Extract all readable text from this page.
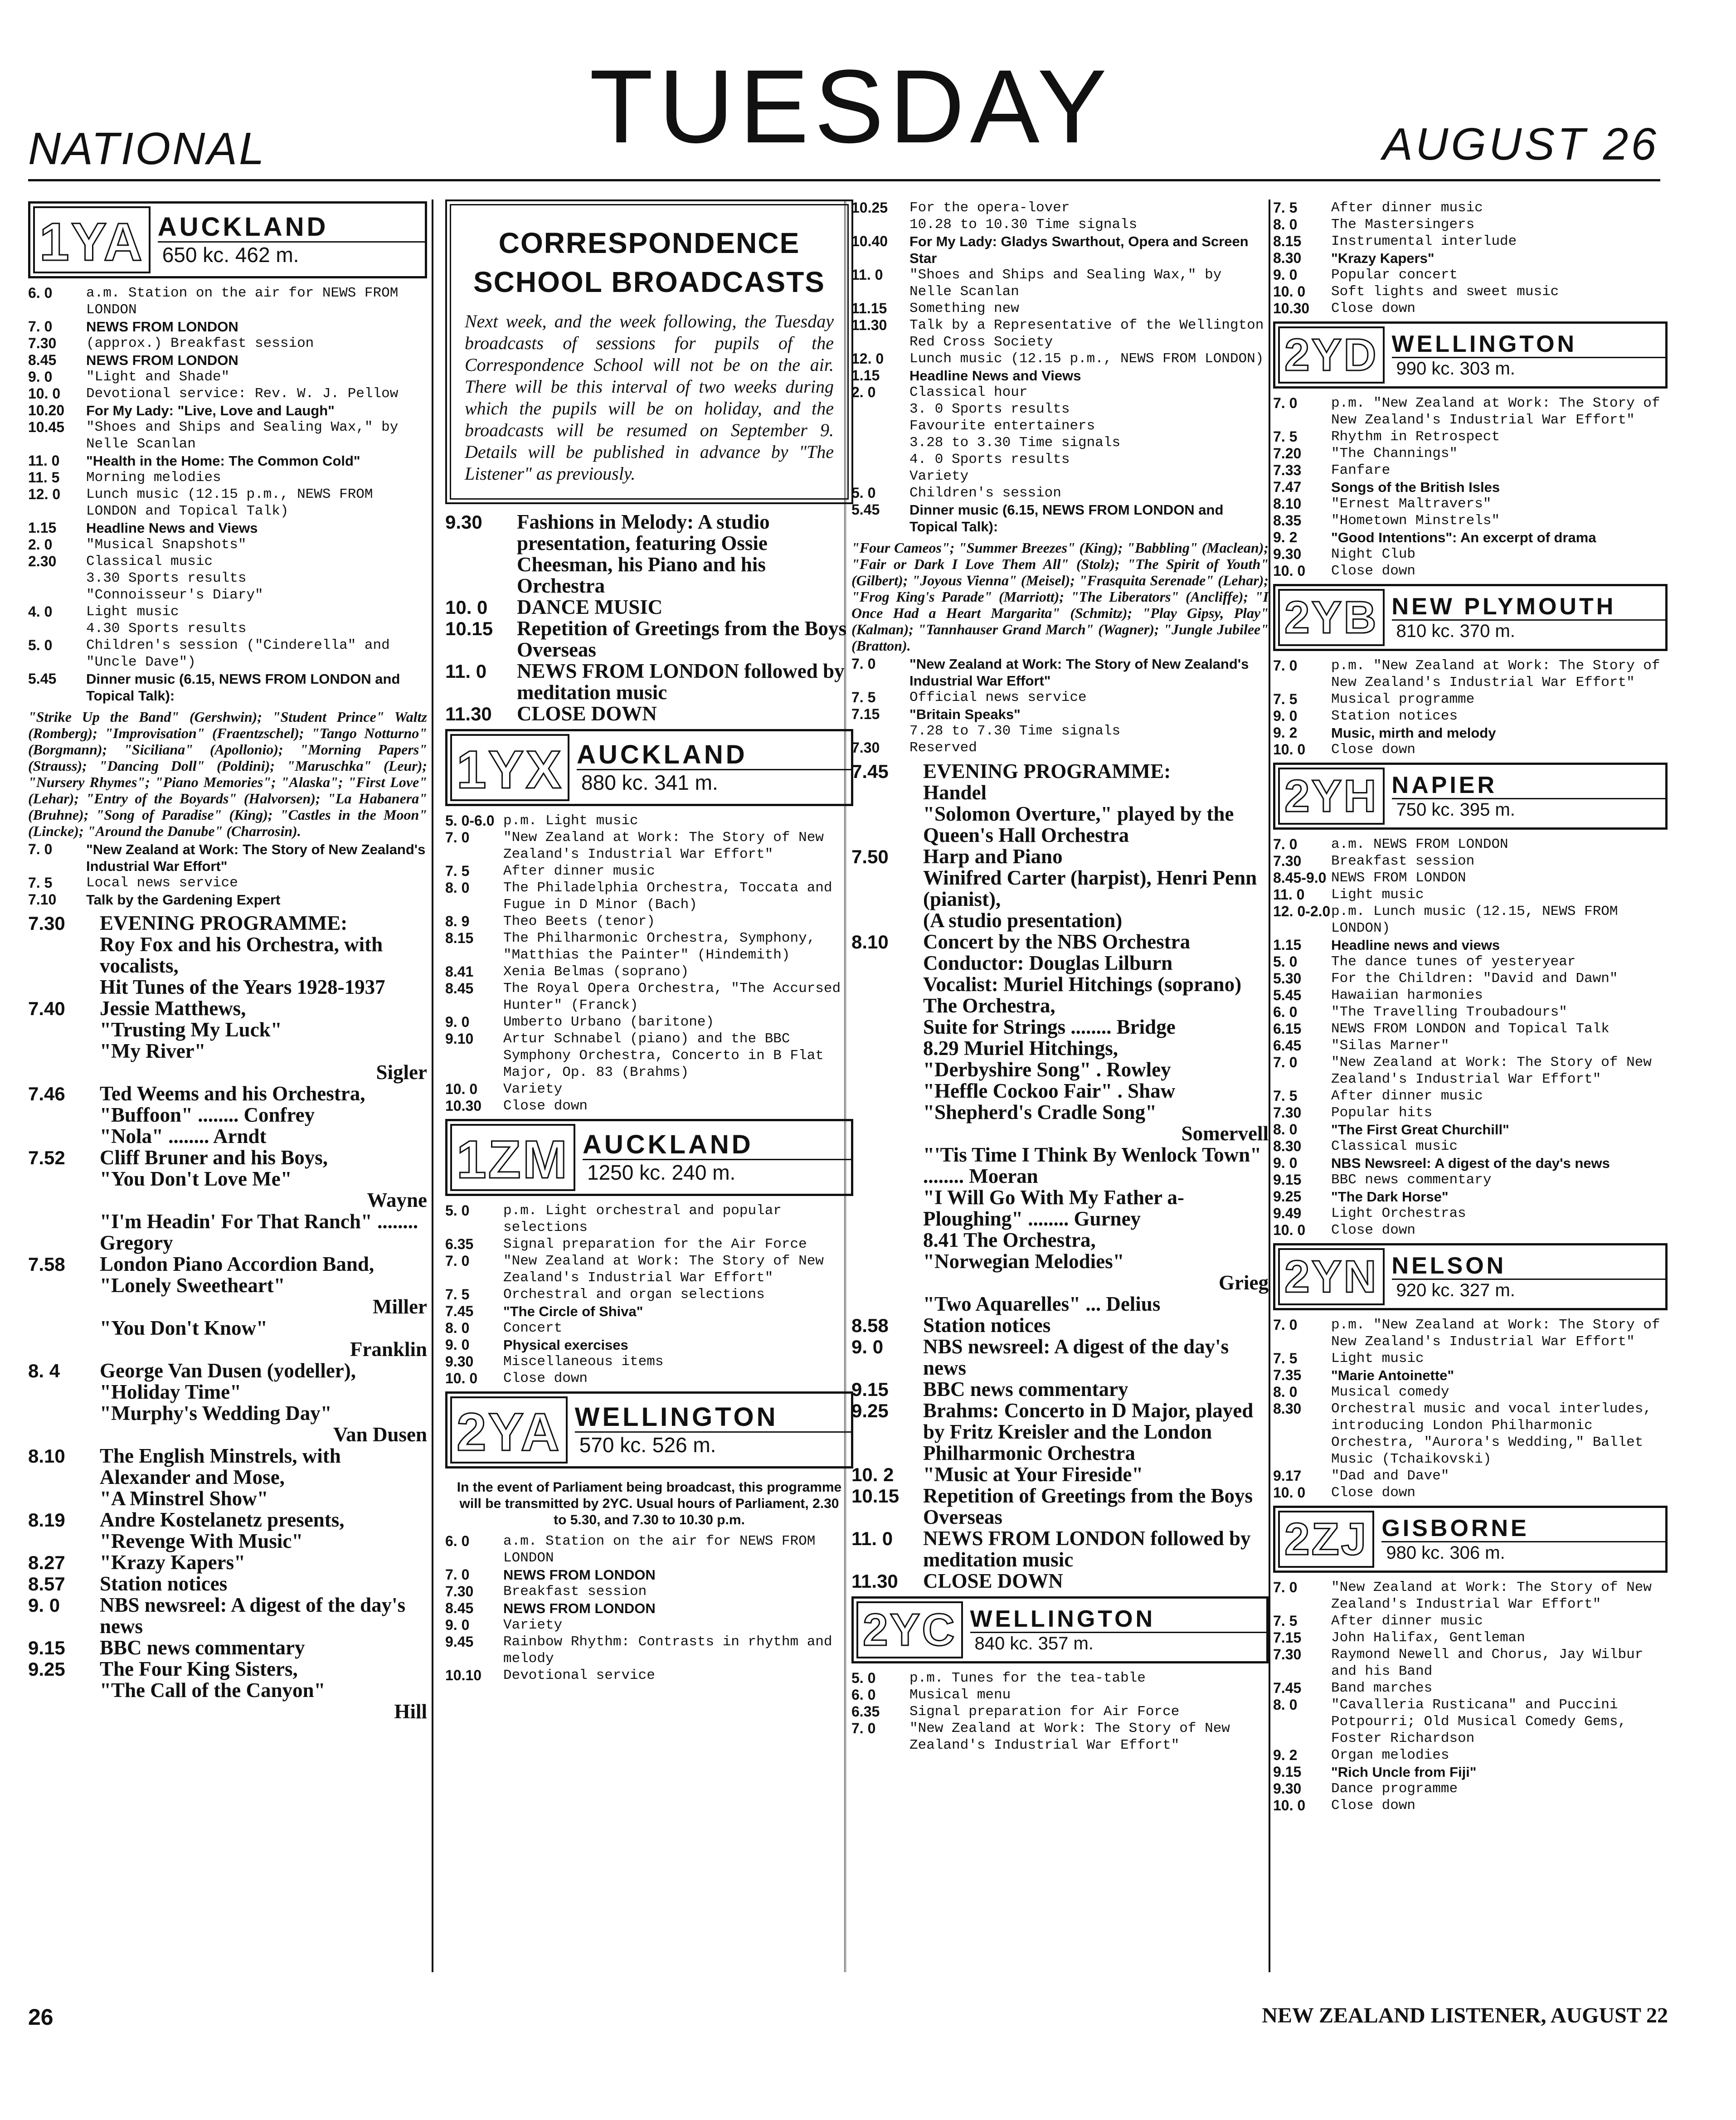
TUESDAY
NATIONAL	AUGUST 26
1YA AUCKLAND
650 kc. 462 m.
6. 0	a.m. Station on the air for NEWS FROM LONDON
7. 0	NEWS FROM LONDON
7.30	(approx.) Breakfast session
8.45	NEWS FROM LONDON
9. 0	"Light and Shade"
10. 0	Devotional service: Rev. W. J. Pellow
10.20	For My Lady: "Live, Love and Laugh"
10.45	"Shoes and Ships and Sealing Wax," by Nelle Scanlan
11. 0	"Health in the Home: The Common Cold"
11. 5	Morning melodies
12. 0	Lunch music (12.15 p.m., NEWS FROM LONDON and Topical Talk)
1.15	Headline News and Views
2. 0	"Musical Snapshots"
2.30	Classical music
3.30 Sports results
"Connoisseur's Diary"
4. 0	Light music
4.30 Sports results
5. 0	Children's session ("Cinderella" and "Uncle Dave")
5.45	Dinner music (6.15, NEWS FROM LONDON and Topical Talk):
"Strike Up the Band" (Gershwin); "Student Prince" Waltz (Romberg); "Improvisation" (Fraentzschel); "Tango Notturno" (Borgmann); "Siciliana" (Apollonio); "Morning Papers" (Strauss); "Dancing Doll" (Poldini); "Maruschka" (Leur); "Nursery Rhymes"; "Piano Memories"; "Alaska"; "First Love" (Lehar); "Entry of the Boyards" (Halvorsen); "La Habanera" (Bruhne); "Song of Paradise" (King); "Castles in the Moon" (Lincke); "Around the Danube" (Charrosin).
7. 0	"New Zealand at Work: The Story of New Zealand's Industrial War Effort"
7. 5	Local news service
7.10	Talk by the Gardening Expert
7.30	EVENING PROGRAMME:
Roy Fox and his Orchestra, with vocalists,
Hit Tunes of the Years 1928-1937
7.40	Jessie Matthews,
"Trusting My Luck"
"My River"
Sigler
7.46	Ted Weems and his Orchestra,
"Buffoon" ........ Confrey
"Nola" ........ Arndt
7.52	Cliff Bruner and his Boys,
"You Don't Love Me"
Wayne
"I'm Headin' For That Ranch" ........ Gregory
7.58	London Piano Accordion Band,
"Lonely Sweetheart"
Miller
"You Don't Know"
Franklin
8. 4	George Van Dusen (yodeller),
"Holiday Time"
"Murphy's Wedding Day"
Van Dusen
8.10	The English Minstrels, with Alexander and Mose,
"A Minstrel Show"
8.19	Andre Kostelanetz presents,
"Revenge With Music"
8.27	"Krazy Kapers"
8.57	Station notices
9. 0	NBS newsreel: A digest of the day's news
9.15	BBC news commentary
9.25	The Four King Sisters,
"The Call of the Canyon"
Hill
CORRESPONDENCE SCHOOL BROADCASTS
Next week, and the week following, the Tuesday broadcasts of sessions for pupils of the Correspondence School will not be on the air. There will be this interval of two weeks during which the pupils will be on holiday, and the broadcasts will be resumed on September 9. Details will be published in advance by "The Listener" as previously.
9.30	Fashions in Melody: A studio presentation, featuring Ossie Cheesman, his Piano and his Orchestra
10. 0	DANCE MUSIC
10.15	Repetition of Greetings from the Boys Overseas
11. 0	NEWS FROM LONDON followed by meditation music
11.30	CLOSE DOWN
1YX AUCKLAND
880 kc. 341 m.
5. 0-6.0 p.m. Light music
7. 0	"New Zealand at Work: The Story of New Zealand's Industrial War Effort"
7. 5	After dinner music
8. 0	The Philadelphia Orchestra, Toccata and Fugue in D Minor (Bach)
8. 9	Theo Beets (tenor)
8.15	The Philharmonic Orchestra, Symphony, "Matthias the Painter" (Hindemith)
8.41	Xenia Belmas (soprano)
8.45	The Royal Opera Orchestra, "The Accursed Hunter" (Franck)
9. 0	Umberto Urbano (baritone)
9.10	Artur Schnabel (piano) and the BBC Symphony Orchestra, Concerto in B Flat Major, Op. 83 (Brahms)
10. 0	Variety
10.30	Close down
1ZM AUCKLAND
1250 kc. 240 m.
5. 0	p.m. Light orchestral and popular selections
6.35	Signal preparation for the Air Force
7. 0	"New Zealand at Work: The Story of New Zealand's Industrial War Effort"
7. 5	Orchestral and organ selections
7.45	"The Circle of Shiva"
8. 0	Concert
9. 0	Physical exercises
9.30	Miscellaneous items
10. 0	Close down
2YA WELLINGTON
570 kc. 526 m.
In the event of Parliament being broadcast, this programme will be transmitted by 2YC. Usual hours of Parliament, 2.30 to 5.30, and 7.30 to 10.30 p.m.
6. 0	a.m. Station on the air for NEWS FROM LONDON
7. 0	NEWS FROM LONDON
7.30	Breakfast session
8.45	NEWS FROM LONDON
9. 0	Variety
9.45	Rainbow Rhythm: Contrasts in rhythm and melody
10.10	Devotional service
10.25	For the opera-lover
10.28 to 10.30 Time signals
10.40	For My Lady: Gladys Swarthout, Opera and Screen Star
11. 0	"Shoes and Ships and Sealing Wax," by Nelle Scanlan
11.15	Something new
11.30	Talk by a Representative of the Wellington Red Cross Society
12. 0	Lunch music (12.15 p.m., NEWS FROM LONDON)
1.15	Headline News and Views
2. 0	Classical hour
3. 0 Sports results
Favourite entertainers
3.28 to 3.30 Time signals
4. 0 Sports results
Variety
5. 0	Children's session
5.45	Dinner music (6.15, NEWS FROM LONDON and Topical Talk):
"Four Cameos"; "Summer Breezes" (King); "Babbling" (Maclean); "Fair or Dark I Love Them All" (Stolz); "The Spirit of Youth" (Gilbert); "Joyous Vienna" (Meisel); "Frasquita Serenade" (Lehar); "Frog King's Parade" (Marriott); "The Liberators" (Ancliffe); "I Once Had a Heart Margarita" (Schmitz); "Play Gipsy, Play" (Kalman); "Tannhauser Grand March" (Wagner); "Jungle Jubilee" (Bratton).
7. 0	"New Zealand at Work: The Story of New Zealand's Industrial War Effort"
7. 5	Official news service
7.15	"Britain Speaks"
7.28 to 7.30 Time signals
7.30	Reserved
7.45	EVENING PROGRAMME:
Handel
"Solomon Overture," played by the Queen's Hall Orchestra
7.50	Harp and Piano
Winifred Carter (harpist), Henri Penn (pianist),
(A studio presentation)
8.10	Concert by the NBS Orchestra
Conductor: Douglas Lilburn
Vocalist: Muriel Hitchings (soprano)
The Orchestra,
Suite for Strings ........ Bridge
8.29 Muriel Hitchings,
"Derbyshire Song" . Rowley
"Heffle Cockoo Fair" . Shaw
"Shepherd's Cradle Song"
Somervell
"'Tis Time I Think By Wenlock Town" ........ Moeran
"I Will Go With My Father a-Ploughing" ........ Gurney
8.41 The Orchestra,
"Norwegian Melodies"
Grieg
"Two Aquarelles" ... Delius
8.58	Station notices
9. 0	NBS newsreel: A digest of the day's news
9.15	BBC news commentary
9.25	Brahms: Concerto in D Major, played by Fritz Kreisler and the London Philharmonic Orchestra
10. 2	"Music at Your Fireside"
10.15	Repetition of Greetings from the Boys Overseas
11. 0	NEWS FROM LONDON followed by meditation music
11.30	CLOSE DOWN
2YC WELLINGTON
840 kc. 357 m.
5. 0	p.m. Tunes for the tea-table
6. 0	Musical menu
6.35	Signal preparation for Air Force
7. 0	"New Zealand at Work: The Story of New Zealand's Industrial War Effort"
7. 5	After dinner music
8. 0	The Mastersingers
8.15	Instrumental interlude
8.30	"Krazy Kapers"
9. 0	Popular concert
10. 0	Soft lights and sweet music
10.30	Close down
2YD WELLINGTON
990 kc. 303 m.
7. 0	p.m. "New Zealand at Work: The Story of New Zealand's Industrial War Effort"
7. 5	Rhythm in Retrospect
7.20	"The Channings"
7.33	Fanfare
7.47	Songs of the British Isles
8.10	"Ernest Maltravers"
8.35	"Hometown Minstrels"
9. 2	"Good Intentions": An excerpt of drama
9.30	Night Club
10. 0	Close down
2YB NEW PLYMOUTH
810 kc. 370 m.
7. 0	p.m. "New Zealand at Work: The Story of New Zealand's Industrial War Effort"
7. 5	Musical programme
9. 0	Station notices
9. 2	Music, mirth and melody
10. 0	Close down
2YH NAPIER
750 kc. 395 m.
7. 0	a.m. NEWS FROM LONDON
7.30	Breakfast session
8.45-9.0 NEWS FROM LONDON
11. 0	Light music
12. 0-2.0 p.m. Lunch music (12.15, NEWS FROM LONDON)
1.15	Headline news and views
5. 0	The dance tunes of yesteryear
5.30	For the Children: "David and Dawn"
5.45	Hawaiian harmonies
6. 0	"The Travelling Troubadours"
6.15	NEWS FROM LONDON and Topical Talk
6.45	"Silas Marner"
7. 0	"New Zealand at Work: The Story of New Zealand's Industrial War Effort"
7. 5	After dinner music
7.30	Popular hits
8. 0	"The First Great Churchill"
8.30	Classical music
9. 0	NBS Newsreel: A digest of the day's news
9.15	BBC news commentary
9.25	"The Dark Horse"
9.49	Light Orchestras
10. 0	Close down
2YN NELSON
920 kc. 327 m.
7. 0	p.m. "New Zealand at Work: The Story of New Zealand's Industrial War Effort"
7. 5	Light music
7.35	"Marie Antoinette"
8. 0	Musical comedy
8.30	Orchestral music and vocal interludes, introducing London Philharmonic Orchestra, "Aurora's Wedding," Ballet Music (Tchaikovski)
9.17	"Dad and Dave"
10. 0	Close down
2ZJ GISBORNE
980 kc. 306 m.
7. 0	"New Zealand at Work: The Story of New Zealand's Industrial War Effort"
7. 5	After dinner music
7.15	John Halifax, Gentleman
7.30	Raymond Newell and Chorus, Jay Wilbur and his Band
7.45	Band marches
8. 0	"Cavalleria Rusticana" and Puccini Potpourri; Old Musical Comedy Gems, Foster Richardson
9. 2	Organ melodies
9.15	"Rich Uncle from Fiji"
9.30	Dance programme
10. 0	Close down
26	NEW ZEALAND LISTENER, AUGUST 22
